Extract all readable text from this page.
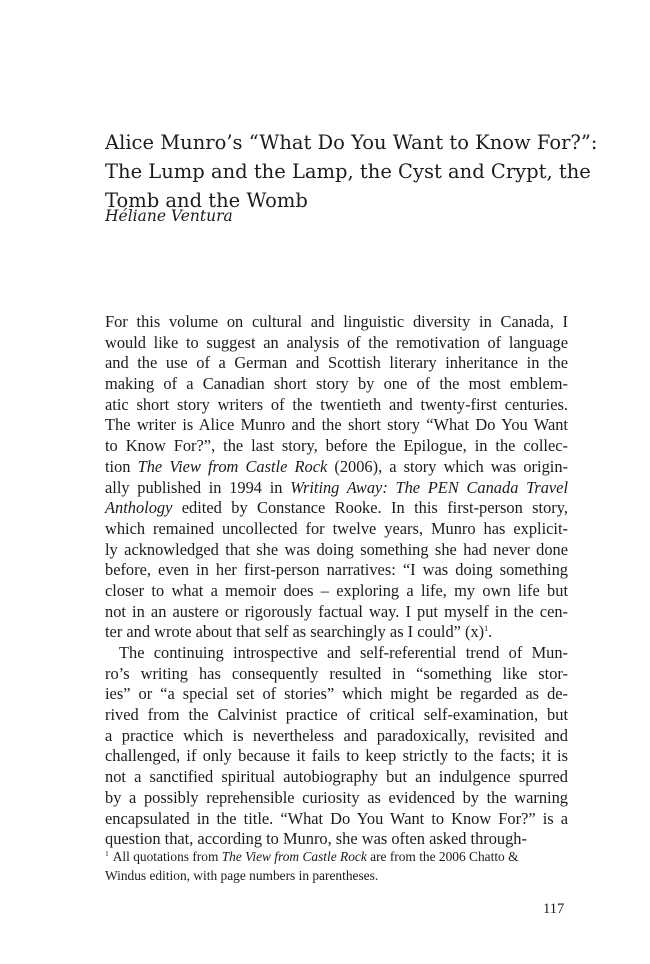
Alice Munro’s “What Do You Want to Know For?”:
The Lump and the Lamp, the Cyst and Crypt, the
Tomb and the Womb
Héliane Ventura
For this volume on cultural and linguistic diversity in Canada, I
would like to suggest an analysis of the remotivation of language
and the use of a German and Scottish literary inheritance in the
making of a Canadian short story by one of the most emblem-
atic short story writers of the twentieth and twenty-first centuries.
The writer is Alice Munro and the short story “What Do You Want
to Know For?”, the last story, before the Epilogue, in the collec-
tion The View from Castle Rock (2006), a story which was origin-
ally published in 1994 in Writing Away: The PEN Canada Travel
Anthology edited by Constance Rooke. In this first-person story,
which remained uncollected for twelve years, Munro has explicit-
ly acknowledged that she was doing something she had never done
before, even in her first-person narratives: “I was doing something
closer to what a memoir does – exploring a life, my own life but
not in an austere or rigorously factual way. I put myself in the cen-
ter and wrote about that self as searchingly as I could” (x)$^1$.
The continuing introspective and self-referential trend of Mun-
ro’s writing has consequently resulted in “something like stor-
ies” or “a special set of stories” which might be regarded as de-
rived from the Calvinist practice of critical self-examination, but
a practice which is nevertheless and paradoxically, revisited and
challenged, if only because it fails to keep strictly to the facts; it is
not a sanctified spiritual autobiography but an indulgence spurred
by a possibly reprehensible curiosity as evidenced by the warning
encapsulated in the title. “What Do You Want to Know For?” is a
question that, according to Munro, she was often asked through-
$^1$ All quotations from The View from Castle Rock are from the 2006 Chatto &
Windus edition, with page numbers in parentheses.
117
